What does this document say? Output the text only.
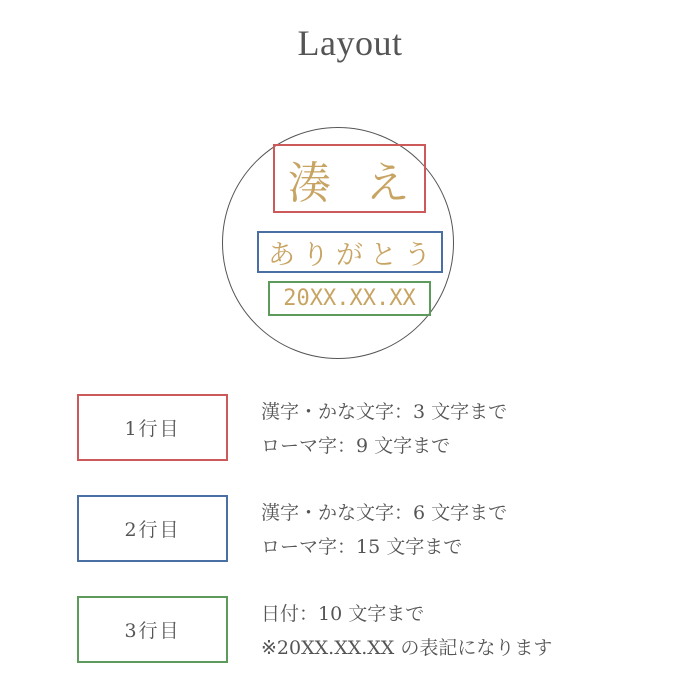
Layout
湊 え
ありがとう
20XX.XX.XX
1行目
漢字・かな文字：3 文字まで
ローマ字：9 文字まで
2行目
漢字・かな文字：6 文字まで
ローマ字：15 文字まで
3行目
日付：10 文字まで
※20XX.XX.XX の表記になります
